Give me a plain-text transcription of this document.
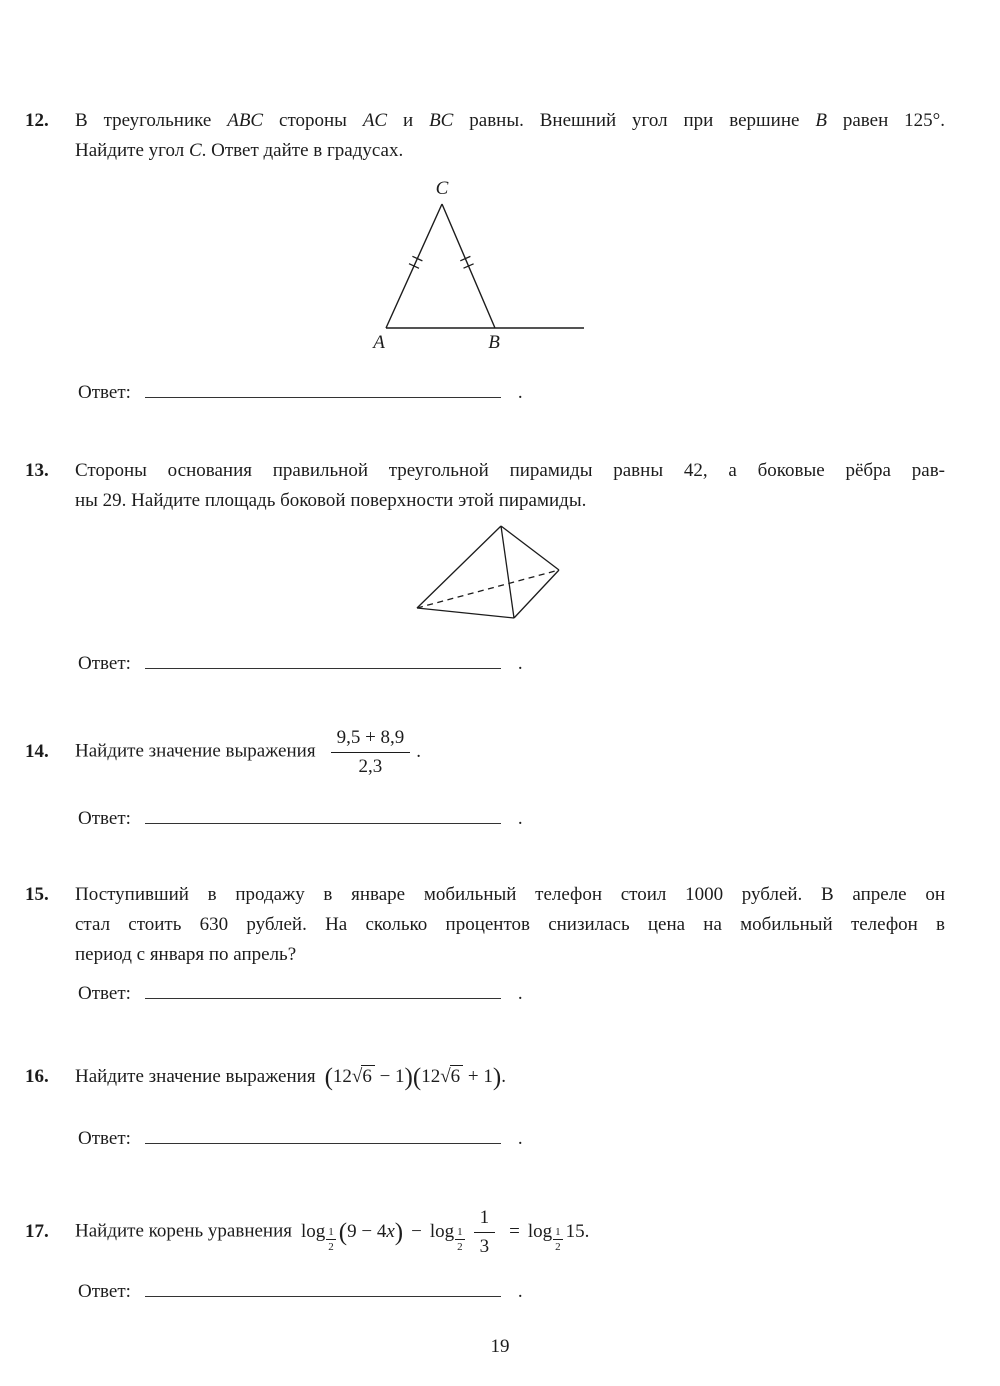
12.	В треугольнике ABC стороны AC и BC равны. Внешний угол при вершине B равен 125°.
Найдите угол C. Ответ дайте в градусах.
C
A	B
Ответ:	.
13.	Стороны основания правильной треугольной пирамиды равны 42, а боковые рёбра рав-
ны 29. Найдите площадь боковой поверхности этой пирамиды.
Ответ:	.
14.	Найдите значение выражения $\frac{9,5 + 8,9}{2,3}$ .
Ответ:	.
15.	Поступивший в продажу в январе мобильный телефон стоил 1000 рублей. В апреле он
стал стоить 630 рублей. На сколько процентов снизилась цена на мобильный телефон в
период с января по апрель?
Ответ:	.
16.	Найдите значение выражения (12√6 − 1)(12√6 + 1).
Ответ:	.
17.	Найдите корень уравнения $\log \frac{1}{2} (9 - 4x) - \log \frac{1}{2} \frac{1}{3} = \log \frac{1}{2} 15$.
Ответ:	.
19
